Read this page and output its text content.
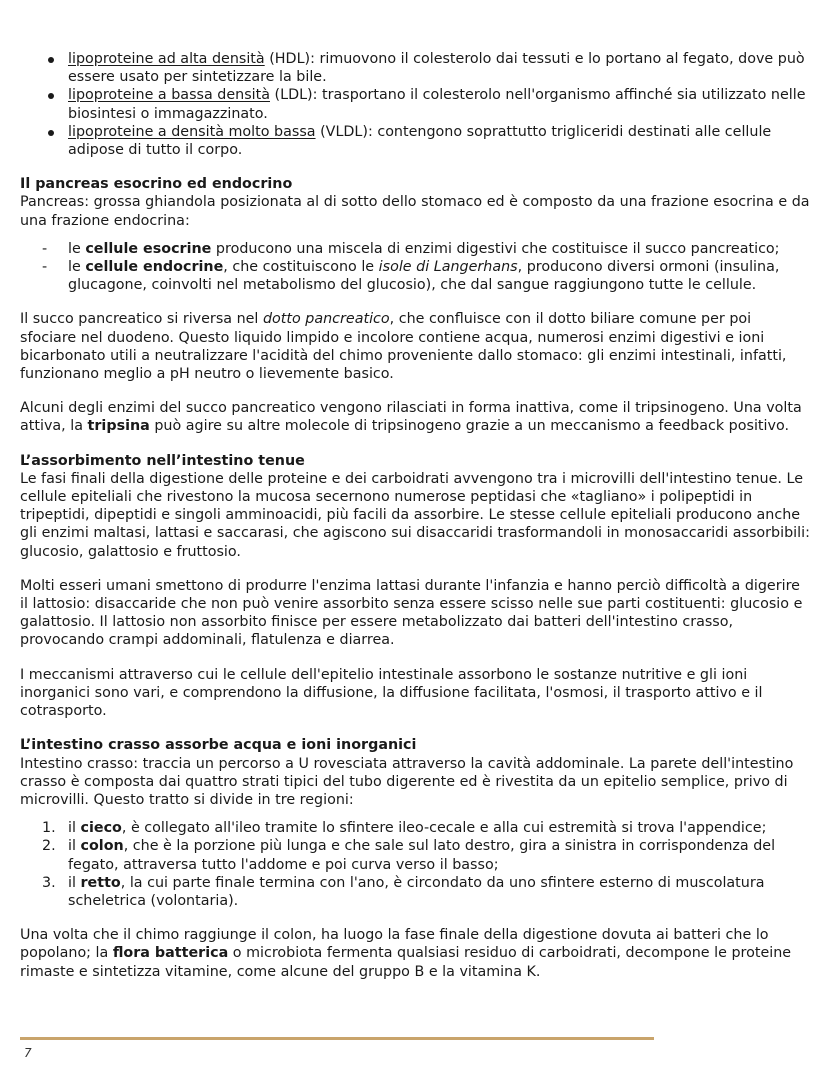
lipoproteine ad alta densità (HDL): rimuovono il colesterolo dai tessuti e lo portano al fegato, dove può essere usato per sintetizzare la bile.
lipoproteine a bassa densità (LDL): trasportano il colesterolo nell'organismo affinché sia utilizzato nelle biosintesi o immagazzinato.
lipoproteine a densità molto bassa (VLDL): contengono soprattutto trigliceridi destinati alle cellule adipose di tutto il corpo.
Il pancreas esocrino ed endocrino

Pancreas: grossa ghiandola posizionata al di sotto dello stomaco ed è composto da una frazione esocrina e da una frazione endocrina:

- le cellule esocrine producono una miscela di enzimi digestivi che costituisce il succo pancreatico;
- le cellule endocrine, che costituiscono le isole di Langerhans, producono diversi ormoni (insulina, glucagone, coinvolti nel metabolismo del glucosio), che dal sangue raggiungono tutte le cellule.

Il succo pancreatico si riversa nel dotto pancreatico, che confluisce con il dotto biliare comune per poi sfociare nel duodeno. Questo liquido limpido e incolore contiene acqua, numerosi enzimi digestivi e ioni bicarbonato utili a neutralizzare l'acidità del chimo proveniente dallo stomaco: gli enzimi intestinali, infatti, funzionano meglio a pH neutro o lievemente basico.

Alcuni degli enzimi del succo pancreatico vengono rilasciati in forma inattiva, come il tripsinogeno. Una volta attiva, la tripsina può agire su altre molecole di tripsinogeno grazie a un meccanismo a feedback positivo.

L’assorbimento nell’intestino tenue

Le fasi finali della digestione delle proteine e dei carboidrati avvengono tra i microvilli dell'intestino tenue. Le cellule epiteliali che rivestono la mucosa secernono numerose peptidasi che «tagliano» i polipeptidi in tripeptidi, dipeptidi e singoli amminoacidi, più facili da assorbire. Le stesse cellule epiteliali producono anche gli enzimi maltasi, lattasi e saccarasi, che agiscono sui disaccaridi trasformandoli in monosaccaridi assorbibili: glucosio, galattosio e fruttosio.

Molti esseri umani smettono di produrre l'enzima lattasi durante l'infanzia e hanno perciò difficoltà a digerire il lattosio: disaccaride che non può venire assorbito senza essere scisso nelle sue parti costituenti: glucosio e galattosio. Il lattosio non assorbito finisce per essere metabolizzato dai batteri dell'intestino crasso, provocando crampi addominali, flatulenza e diarrea.

I meccanismi attraverso cui le cellule dell'epitelio intestinale assorbono le sostanze nutritive e gli ioni inorganici sono vari, e comprendono la diffusione, la diffusione facilitata, l'osmosi, il trasporto attivo e il cotrasporto.

L’intestino crasso assorbe acqua e ioni inorganici

Intestino crasso: traccia un percorso a U rovesciata attraverso la cavità addominale. La parete dell'intestino crasso è composta dai quattro strati tipici del tubo digerente ed è rivestita da un epitelio semplice, privo di microvilli. Questo tratto si divide in tre regioni:

1. il cieco, è collegato all'ileo tramite lo sfintere ileo-cecale e alla cui estremità si trova l'appendice;
2. il colon, che è la porzione più lunga e che sale sul lato destro, gira a sinistra in corrispondenza del fegato, attraversa tutto l'addome e poi curva verso il basso;
3. il retto, la cui parte finale termina con l'ano, è circondato da uno sfintere esterno di muscolatura scheletrica (volontaria).

Una volta che il chimo raggiunge il colon, ha luogo la fase finale della digestione dovuta ai batteri che lo popolano; la flora batterica o microbiota fermenta qualsiasi residuo di carboidrati, decompone le proteine rimaste e sintetizza vitamine, come alcune del gruppo B e la vitamina K.

7
